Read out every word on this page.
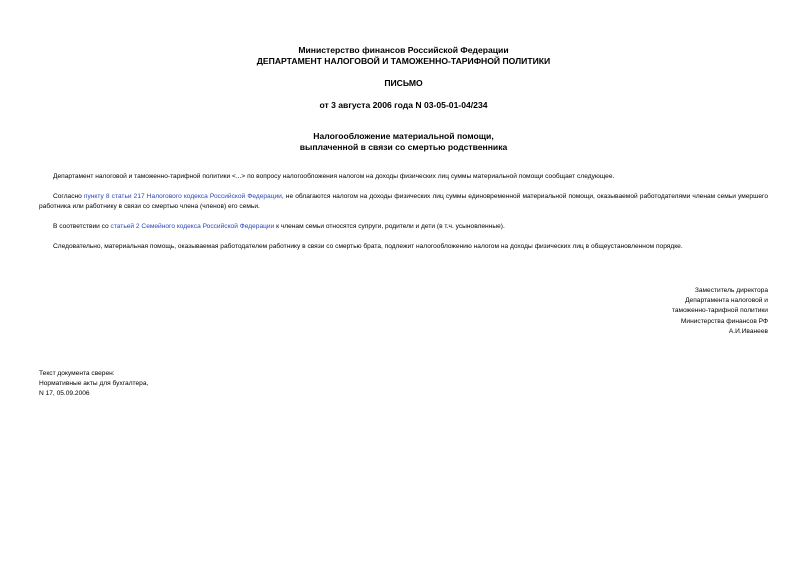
Министерство финансов Российской Федерации
ДЕПАРТАМЕНТ НАЛОГОВОЙ И ТАМОЖЕННО-ТАРИФНОЙ ПОЛИТИКИ
ПИСЬМО
от 3 августа 2006 года N 03-05-01-04/234
Налогообложение материальной помощи,
выплаченной в связи со смертью родственника

Департамент налоговой и таможенно-тарифной политики <...> по вопросу налогообложения налогом на доходы физических лиц суммы материальной помощи сообщает следующее.

Согласно пункту 8 статьи 217 Налогового кодекса Российской Федерации, не облагаются налогом на доходы физических лиц суммы единовременной материальной помощи, оказываемой работодателями членам семьи умершего работника или работнику в связи со смертью члена (членов) его семьи.

В соответствии со статьей 2 Семейного кодекса Российской Федерации к членам семьи относятся супруги, родители и дети (в т.ч. усыновленные).

Следовательно, материальная помощь, оказываемая работодателем работнику в связи со смертью брата, подлежит налогообложению налогом на доходы физических лиц в общеустановленном порядке.

Заместитель директора
Департамента налоговой и
таможенно-тарифной политики
Министерства финансов РФ
А.И.Иванеев
Текст документа сверен:
Нормативные акты для бухгалтера,
N 17, 05.09.2006
